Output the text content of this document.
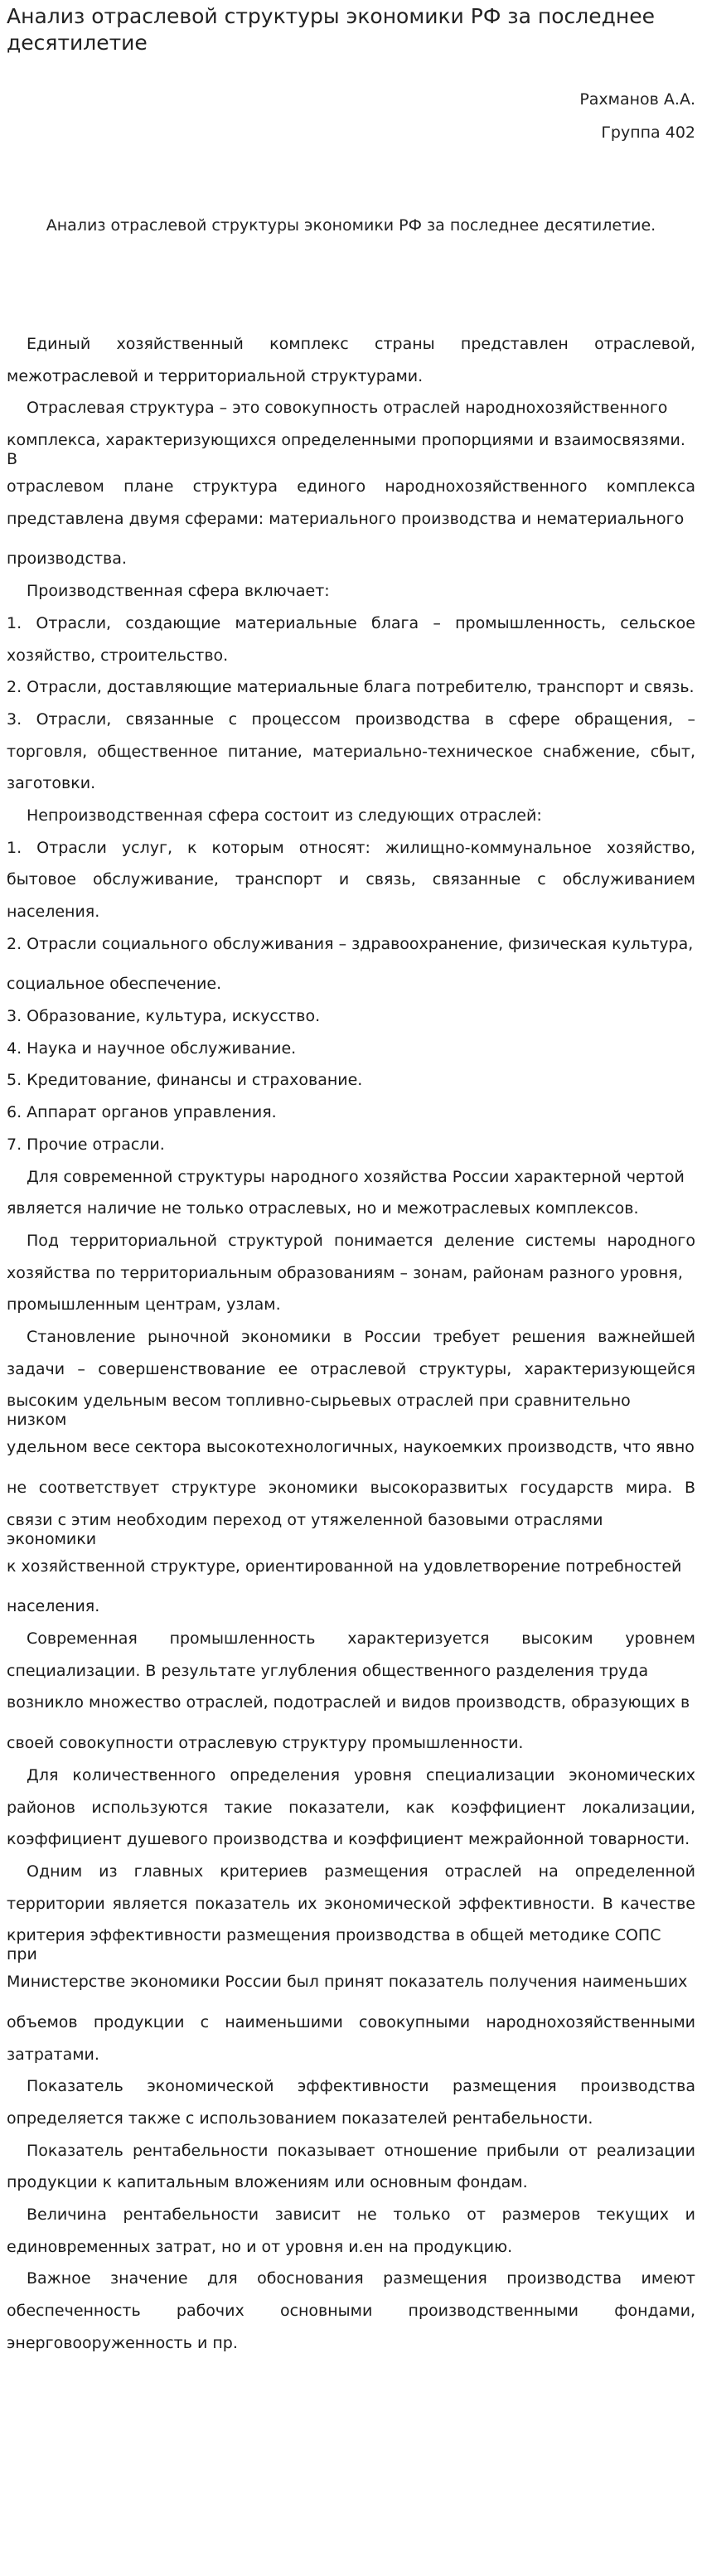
Анализ отраслевой структуры экономики РФ за последнее десятилетие
Рахманов А.А.
Группа 402
Анализ отраслевой структуры экономики РФ за последнее десятилетие.
Единый хозяйственный комплекс страны представлен отраслевой,
межотраслевой и территориальной структурами.
Отраслевая структура – это совокупность отраслей народнохозяйственного
комплекса, характеризующихся определенными пропорциями и взаимосвязями. В
отраслевом плане структура единого народнохозяйственного комплекса
представлена двумя сферами: материального производства и нематериального
производства.
Производственная сфера включает:
1. Отрасли, создающие материальные блага – промышленность, сельское
хозяйство, строительство.
2. Отрасли, доставляющие материальные блага потребителю, транспорт и связь.
3. Отрасли, связанные с процессом производства в сфере обращения, –
торговля, общественное питание, материально-техническое снабжение, сбыт,
заготовки.
Непроизводственная сфера состоит из следующих отраслей:
1. Отрасли услуг, к которым относят: жилищно-коммунальное хозяйство,
бытовое обслуживание, транспорт и связь, связанные с обслуживанием
населения.
2. Отрасли социального обслуживания – здравоохранение, физическая культура,
социальное обеспечение.
3. Образование, культура, искусство.
4. Наука и научное обслуживание.
5. Кредитование, финансы и страхование.
6. Аппарат органов управления.
7. Прочие отрасли.
Для современной структуры народного хозяйства России характерной чертой
является наличие не только отраслевых, но и межотраслевых комплексов.
Под территориальной структурой понимается деление системы народного
хозяйства по территориальным образованиям – зонам, районам разного уровня,
промышленным центрам, узлам.
Становление рыночной экономики в России требует решения важнейшей
задачи – совершенствование ее отраслевой структуры, характеризующейся
высоким удельным весом топливно-сырьевых отраслей при сравнительно низком
удельном весе сектора высокотехнологичных, наукоемких производств, что явно
не соответствует структуре экономики высокоразвитых государств мира. В
связи с этим необходим переход от утяжеленной базовыми отраслями экономики
к хозяйственной структуре, ориентированной на удовлетворение потребностей
населения.
Современная промышленность характеризуется высоким уровнем
специализации. В результате углубления общественного разделения труда
возникло множество отраслей, подотраслей и видов производств, образующих в
своей совокупности отраслевую структуру промышленности.
Для количественного определения уровня специализации экономических
районов используются такие показатели, как коэффициент локализации,
коэффициент душевого производства и коэффициент межрайонной товарности.
Одним из главных критериев размещения отраслей на определенной
территории является показатель их экономической эффективности. В качестве
критерия эффективности размещения производства в общей методике СОПС при
Министерстве экономики России был принят показатель получения наименьших
объемов продукции с наименьшими совокупными народнохозяйственными
затратами.
Показатель экономической эффективности размещения производства
определяется также с использованием показателей рентабельности.
Показатель рентабельности показывает отношение прибыли от реализации
продукции к капитальным вложениям или основным фондам.
Величина рентабельности зависит не только от размеров текущих и
единовременных затрат, но и от уровня и.ен на продукцию.
Важное значение для обоснования размещения производства имеют
обеспеченность рабочих основными производственными фондами,
энерговооруженность и пр.
